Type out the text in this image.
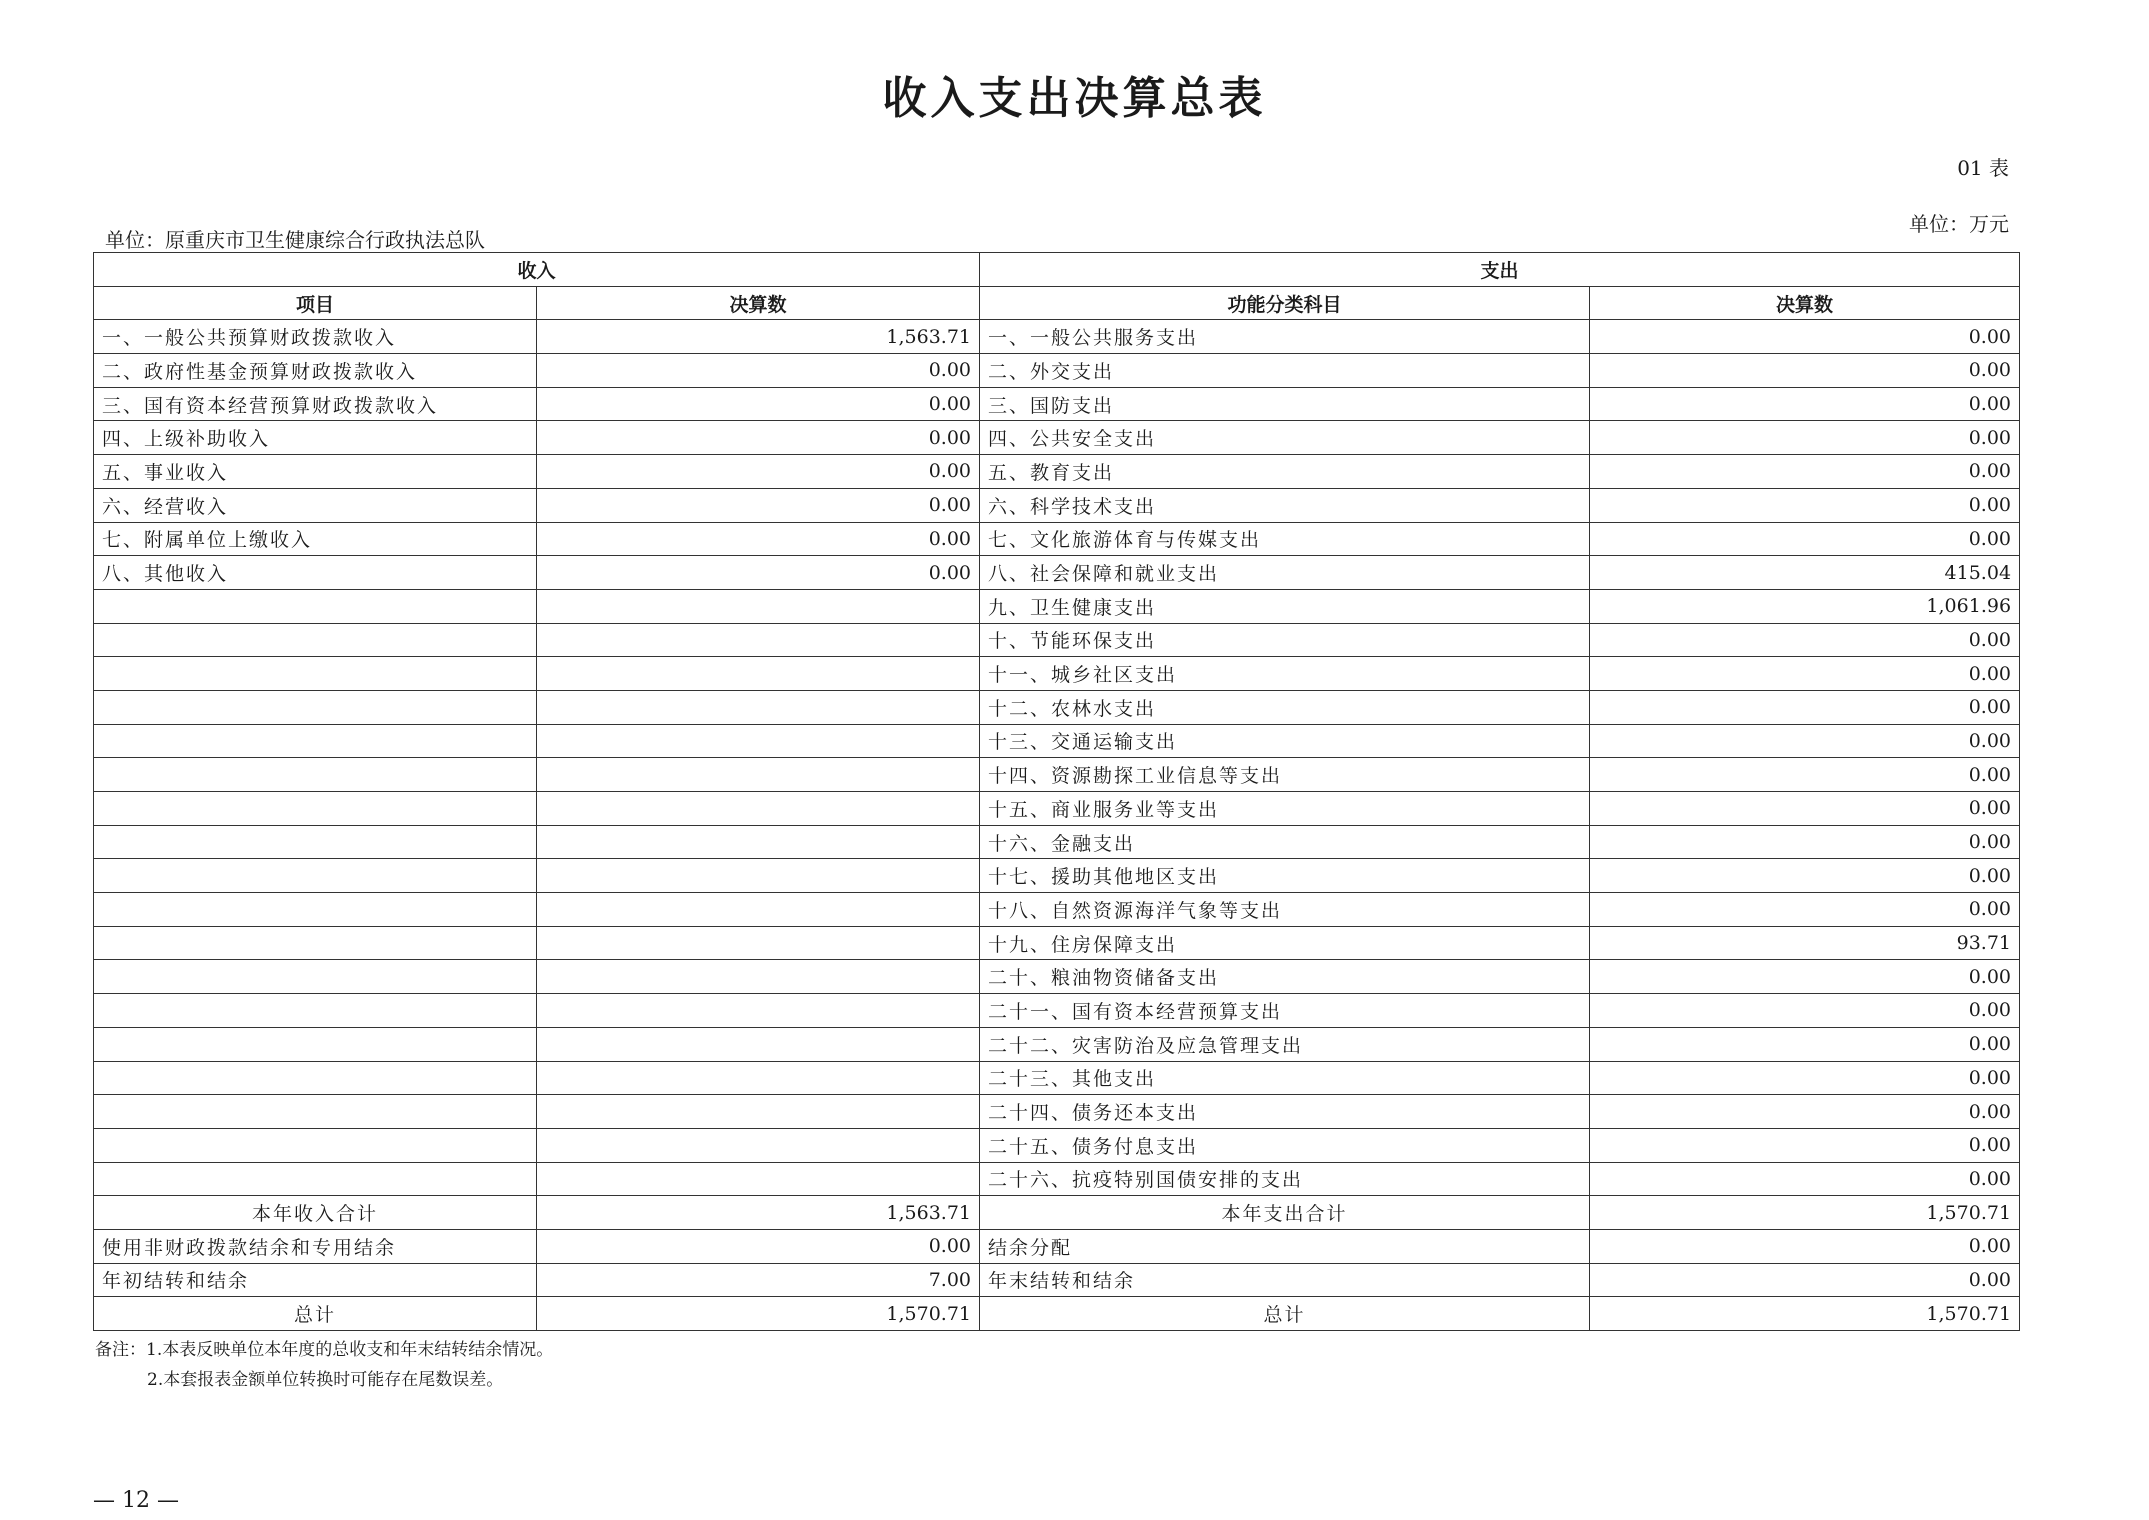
收入支出决算总表
01 表
单位：万元
单位：原重庆市卫生健康综合行政执法总队
收入		支出	
项目	决算数	功能分类科目	决算数
一、一般公共预算财政拨款收入	1,563.71	一、一般公共服务支出	0.00
二、政府性基金预算财政拨款收入	0.00	二、外交支出	0.00
三、国有资本经营预算财政拨款收入	0.00	三、国防支出	0.00
四、上级补助收入	0.00	四、公共安全支出	0.00
五、事业收入	0.00	五、教育支出	0.00
六、经营收入	0.00	六、科学技术支出	0.00
七、附属单位上缴收入	0.00	七、文化旅游体育与传媒支出	0.00
八、其他收入	0.00	八、社会保障和就业支出	415.04
		九、卫生健康支出	1,061.96
		十、节能环保支出	0.00
		十一、城乡社区支出	0.00
		十二、农林水支出	0.00
		十三、交通运输支出	0.00
		十四、资源勘探工业信息等支出	0.00
		十五、商业服务业等支出	0.00
		十六、金融支出	0.00
		十七、援助其他地区支出	0.00
		十八、自然资源海洋气象等支出	0.00
		十九、住房保障支出	93.71
		二十、粮油物资储备支出	0.00
		二十一、国有资本经营预算支出	0.00
		二十二、灾害防治及应急管理支出	0.00
		二十三、其他支出	0.00
		二十四、债务还本支出	0.00
		二十五、债务付息支出	0.00
		二十六、抗疫特别国债安排的支出	0.00
本年收入合计	1,563.71	本年支出合计	1,570.71
使用非财政拨款结余和专用结余	0.00	结余分配	0.00
年初结转和结余	7.00	年末结转和结余	0.00
总计	1,570.71	总计	1,570.71
备注：1.本表反映单位本年度的总收支和年末结转结余情况。
2.本套报表金额单位转换时可能存在尾数误差。
— 12 —
